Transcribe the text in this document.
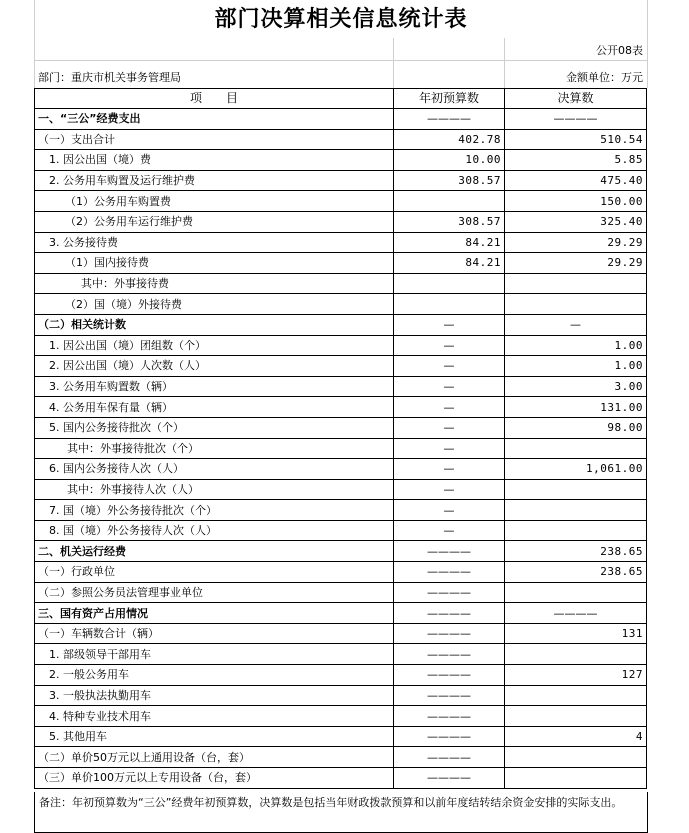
部门决算相关信息统计表
公开08表
部门：重庆市机关事务管理局	金额单位：万元
项　　目	年初预算数	决算数
一、“三公”经费支出	————	————
（一）支出合计	402.78	510.54
1. 因公出国（境）费	10.00	5.85
2. 公务用车购置及运行维护费	308.57	475.40
（1）公务用车购置费		150.00
（2）公务用车运行维护费	308.57	325.40
3. 公务接待费	84.21	29.29
（1）国内接待费	84.21	29.29
其中：外事接待费		
（2）国（境）外接待费		
（二）相关统计数	—	—
1. 因公出国（境）团组数（个）	—	1.00
2. 因公出国（境）人次数（人）	—	1.00
3. 公务用车购置数（辆）	—	3.00
4. 公务用车保有量（辆）	—	131.00
5. 国内公务接待批次（个）	—	98.00
其中：外事接待批次（个）	—	
6. 国内公务接待人次（人）	—	1,061.00
其中：外事接待人次（人）	—	
7. 国（境）外公务接待批次（个）	—	
8. 国（境）外公务接待人次（人）	—	
二、机关运行经费	————	238.65
（一）行政单位	————	238.65
（二）参照公务员法管理事业单位	————	
三、国有资产占用情况	————	————
（一）车辆数合计（辆）	————	131
1. 部级领导干部用车	————	
2. 一般公务用车	————	127
3. 一般执法执勤用车	————	
4. 特种专业技术用车	————	
5. 其他用车	————	4
（二）单价50万元以上通用设备（台，套）	————	
（三）单价100万元以上专用设备（台，套）	————	
备注：年初预算数为“三公”经费年初预算数，决算数是包括当年财政拨款预算和以前年度结转结余资金安排的实际支出。
